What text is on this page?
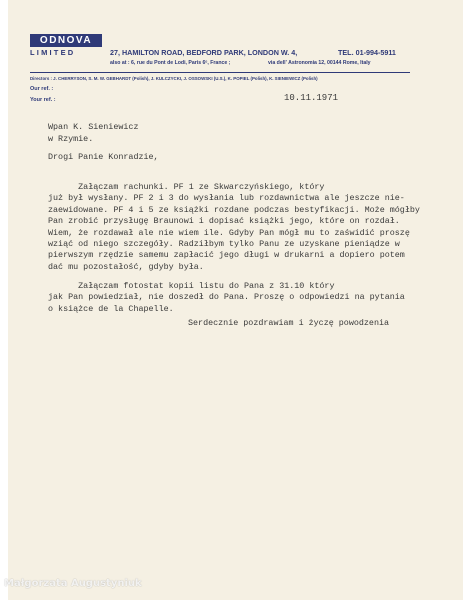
ODNOVA
LIMITED	27, HAMILTON ROAD, BEDFORD PARK, LONDON W. 4,	TEL. 01-994-5911
also at : 6, rue du Pont de Lodi, Paris 6ᵉ, France ;	via dell' Astronomia 12, 00144 Rome, Italy
Directors : J. CHERRYSON, S. M. W. GEBHARDT (Polish), J. KULCZYCKI, J. OSSOWSKI (U.S.), K. POPIEL (Polish), K. SIENIEWICZ (Polish)
Our ref. :
Your ref. :	10.11.1971
Wpan K. Sieniewicz
w Rzymie.
Drogi Panie Konradzie,
Załączam rachunki. PF 1 ze Skwarczyńskiego, który
już był wysłany. PF 2 i 3 do wysłania lub rozdawnictwa ale jeszcze nie-
zaewidowane. PF 4 i 5 ze książki rozdane podczas bestyfikacji. Może mógłby
Pan zrobić przysługę Braunowi i dopisać książki jego, które on rozdał.
Wiem, że rozdawał ale nie wiem ile. Gdyby Pan mógł mu to zaświdić proszę
wziąć od niego szczegóły. Radziłbym tylko Panu ze uzyskane pieniądze w
pierwszym rzędzie samemu zapłacić jego długi w drukarni a dopiero potem
dać mu pozostałość, gdyby była.
Załączam fotostat kopii listu do Pana z 31.10 który
jak Pan powiedział, nie doszedł do Pana. Proszę o odpowiedzi na pytania
o książce de la Chapelle.
Serdecznie pozdrawiam i życzę powodzenia
Małgorzata Augustyniuk
